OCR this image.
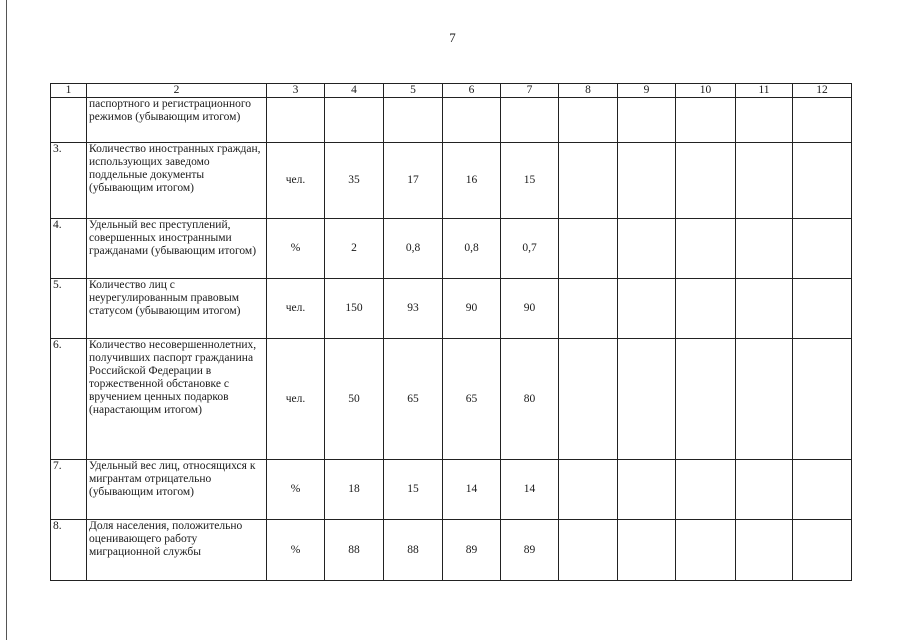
7
1	2	3	4	5	6	7	8	9	10	11	12
	паспортного и регистрационного режимов (убывающим итогом)										
3.	Количество иностранных граждан, использующих заведомо поддельные документы (убывающим итогом)	чел.	35	17	16	15					
4.	Удельный вес преступлений, совершенных иностранными гражданами (убывающим итогом)	%	2	0,8	0,8	0,7					
5.	Количество лиц с неурегулированным правовым статусом (убывающим итогом)	чел.	150	93	90	90					
6.	Количество несовершеннолетних, получивших паспорт гражданина Российской Федерации в торжественной обстановке с вручением ценных подарков (нарастающим итогом)	чел.	50	65	65	80					
7.	Удельный вес лиц, относящихся к мигрантам отрицательно (убывающим итогом)	%	18	15	14	14					
8.	Доля населения, положительно оценивающего работу миграционной службы	%	88	88	89	89					
